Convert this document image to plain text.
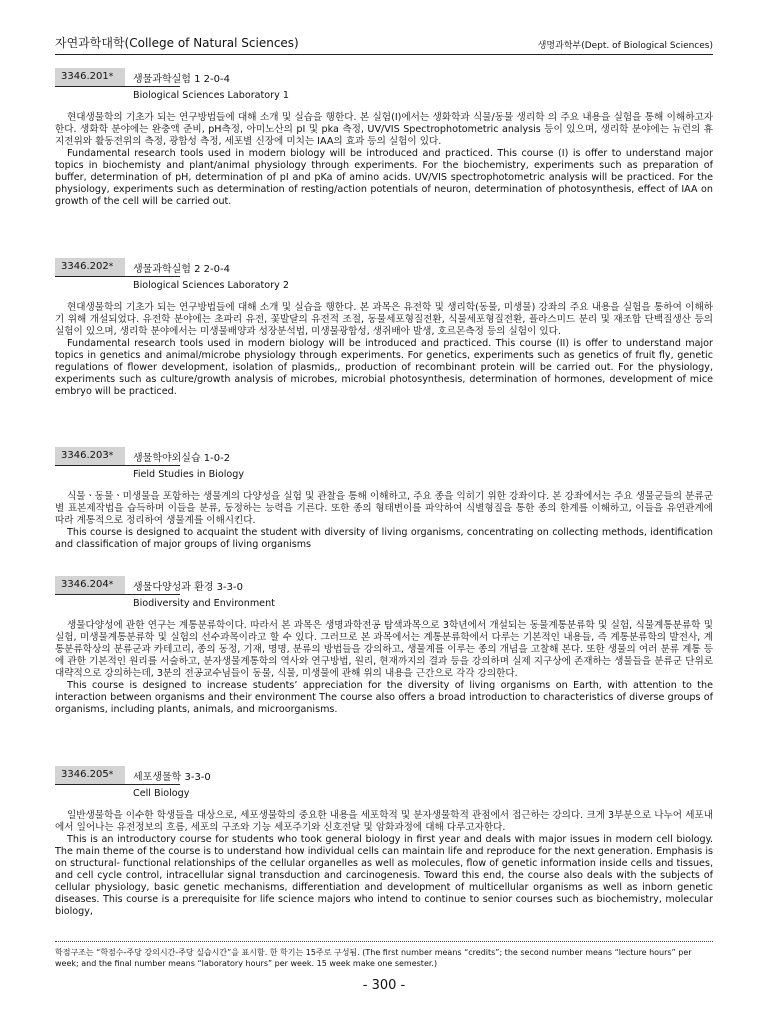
자연과학대학(College of Natural Sciences)	생명과학부(Dept. of Biological Sciences)
3346.201*	생물과학실험 1 2-0-4
Biological Sciences Laboratory 1

현대생물학의 기초가 되는 연구방법들에 대해 소개 및 실습을 행한다. 본 실험(I)에서는 생화학과 식물/동물 생리학 의 주요 내용을 실험을 통해 이해하고자 한다. 생화학 분야에는 완충액 준비, pH측정, 아미노산의 pI 및 pka 측정, UV/VIS Spectrophotometric analysis 등이 있으며, 생리학 분야에는 뉴런의 휴지전위와 활동전위의 측정, 광합성 측정, 세포별 신장에 미치는 IAA의 효과 등의 실험이 있다.

Fundamental research tools used in modern biology will be introduced and practiced. This course (I) is offer to understand major topics in biochemisty and plant/animal physiology through experiments. For the biochemistry, experiments such as preparation of buffer, determination of pH, determination of pI and pKa of amino acids. UV/VIS spectrophotometric analysis will be practiced. For the physiology, experiments such as determination of resting/action potentials of neuron, determination of photosynthesis, effect of IAA on growth of the cell will be carried out.

3346.202*	생물과학실험 2 2-0-4
Biological Sciences Laboratory 2

현대생물학의 기초가 되는 연구방법들에 대해 소개 및 실습을 행한다. 본 과목은 유전학 및 생리학(동물, 미생물) 강좌의 주요 내용을 실험을 통하여 이해하기 위해 개설되었다. 유전학 분야에는 초파리 유전, 꽃발달의 유전적 조절, 동물세포형질전환, 식물세포형질전환, 플라스미드 분리 및 재조합 단백질생산 등의 실험이 있으며, 생리학 분야에서는 미생물배양과 성장분석법, 미생물광합성, 생쥐배아 발생, 호르몬측정 등의 실험이 있다.

Fundamental research tools used in modern biology will be introduced and practiced. This course (II) is offer to understand major topics in genetics and animal/microbe physiology through experiments. For genetics, experiments such as genetics of fruit fly, genetic regulations of flower development, isolation of plasmids,, production of recombinant protein will be carried out. For the physiology, experiments such as culture/growth analysis of microbes, microbial photosynthesis, determination of hormones, development of mice embryo will be practiced.

3346.203*	생물학야외실습 1-0-2
Field Studies in Biology

식물ㆍ동물ㆍ미생물을 포함하는 생물계의 다양성을 실험 및 관찰을 통해 이해하고, 주요 종을 익히기 위한 강좌이다. 본 강좌에서는 주요 생물군들의 분류군별 표본제작법을 습득하며 이들을 분류, 동정하는 능력을 기른다. 또한 종의 형태변이를 파악하여 식별형질을 통한 종의 한계를 이해하고, 이들을 유연관계에 따라 계통적으로 정리하여 생물계를 이해시킨다.

This course is designed to acquaint the student with diversity of living organisms, concentrating on collecting methods, identification and classification of major groups of living organisms

3346.204*	생물다양성과 환경 3-3-0
Biodiversity and Environment

생물다양성에 관한 연구는 계통분류학이다. 따라서 본 과목은 생명과학전공 탐색과목으로 3학년에서 개설되는 동물계통분류학 및 실험, 식물계통분류학 및 실험, 미생물계통분류학 및 실험의 선수과목이라고 할 수 있다. 그러므로 본 과목에서는 계통분류학에서 다루는 기본적인 내용들, 즉 계통분류학의 발전사, 계통분류학상의 분류군과 카테고리, 종의 동정, 기재, 명명, 분류의 방법들을 강의하고, 생물계를 이루는 종의 개념을 고찰해 본다. 또한 생물의 여러 분류 계통 등에 관한 기본적인 원리를 서술하고, 분자생물계통학의 역사와 연구방법, 원리, 현재까지의 결과 등을 강의하며 실제 지구상에 존재하는 생물들을 분류군 단위로 대략적으로 강의하는데, 3분의 전공교수님들이 동물, 식물, 미생물에 관해 위의 내용을 근간으로 각각 강의한다.

This course is designed to increase students’ appreciation for the diversity of living organisms on Earth, with attention to the interaction between organisms and their environment The course also offers a broad introduction to characteristics of diverse groups of organisms, including plants, animals, and microorganisms.

3346.205*	세포생물학 3-3-0
Cell Biology

일반생물학을 이수한 학생들을 대상으로, 세포생물학의 중요한 내용을 세포학적 및 분자생물학적 관점에서 접근하는 강의다. 크게 3부분으로 나누어 세포내에서 일어나는 유전정보의 흐름, 세포의 구조와 기능 세포주기와 신호전달 및 암화과정에 대해 다루고자한다.

This is an introductory course for students who took general biology in first year and deals with major issues in modern cell biology. The main theme of the course is to understand how individual cells can maintain life and reproduce for the next generation. Emphasis is on structural- functional relationships of the cellular organelles as well as molecules, flow of genetic information inside cells and tissues, and cell cycle control, intracellular signal transduction and carcinogenesis. Toward this end, the course also deals with the subjects of cellular physiology, basic genetic mechanisms, differentiation and development of multicellular organisms as well as inborn genetic diseases. This course is a prerequisite for life science majors who intend to continue to senior courses such as biochemistry, molecular biology,

학점구조는 “학점수-주당 강의시간-주당 실습시간”을 표시함. 한 학기는 15주로 구성됨. (The first number means “credits”; the second number means “lecture hours” per week; and the final number means “laboratory hours” per week. 15 week make one semester.)
- 300 -
